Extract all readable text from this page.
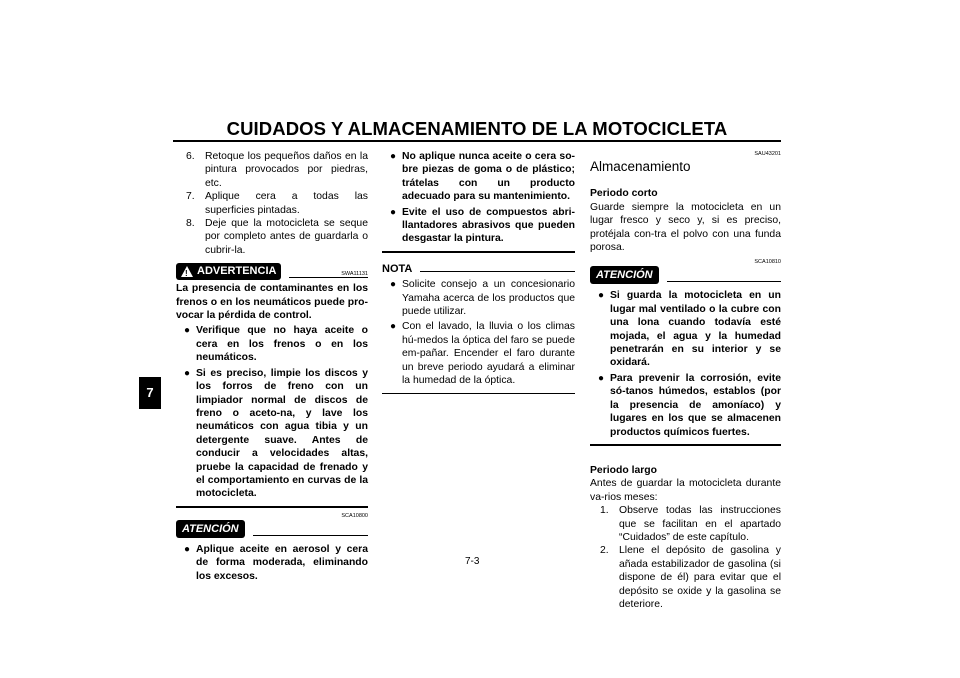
CUIDADOS Y ALMACENAMIENTO DE LA MOTOCICLETA
7
6. Retoque los pequeños daños en la pintura provocados por piedras, etc.
7. Aplique cera a todas las superficies pintadas.
8. Deje que la motocicleta se seque por completo antes de guardarla o cubrir-la.
! ADVERTENCIA	SWA11131
La presencia de contaminantes en los frenos o en los neumáticos puede pro-vocar la pérdida de control.
● Verifique que no haya aceite o cera en los frenos o en los neumáticos.
● Si es preciso, limpie los discos y los forros de freno con un limpiador normal de discos de freno o aceto-na, y lave los neumáticos con agua tibia y un detergente suave. Antes de conducir a velocidades altas, pruebe la capacidad de frenado y el comportamiento en curvas de la motocicleta.
SCA10800
ATENCIÓN
● Aplique aceite en aerosol y cera de forma moderada, eliminando los excesos.
● No aplique nunca aceite o cera so-bre piezas de goma o de plástico; trátelas con un producto adecuado para su mantenimiento.
● Evite el uso de compuestos abri-llantadores abrasivos que pueden desgastar la pintura.
NOTA
● Solicite consejo a un concesionario Yamaha acerca de los productos que puede utilizar.
● Con el lavado, la lluvia o los climas hú-medos la óptica del faro se puede em-pañar. Encender el faro durante un breve periodo ayudará a eliminar la humedad de la óptica.
SAU43201
Almacenamiento
Periodo corto
Guarde siempre la motocicleta en un lugar fresco y seco y, si es preciso, protéjala con-tra el polvo con una funda porosa.
SCA10810
ATENCIÓN
● Si guarda la motocicleta en un lugar mal ventilado o la cubre con una lona cuando todavía esté mojada, el agua y la humedad penetrarán en su interior y se oxidará.
● Para prevenir la corrosión, evite só-tanos húmedos, establos (por la presencia de amoníaco) y lugares en los que se almacenen productos químicos fuertes.
Periodo largo
Antes de guardar la motocicleta durante va-rios meses:
1. Observe todas las instrucciones que se facilitan en el apartado “Cuidados” de este capítulo.
2. Llene el depósito de gasolina y añada estabilizador de gasolina (si dispone de él) para evitar que el depósito se oxide y la gasolina se deteriore.
7-3
